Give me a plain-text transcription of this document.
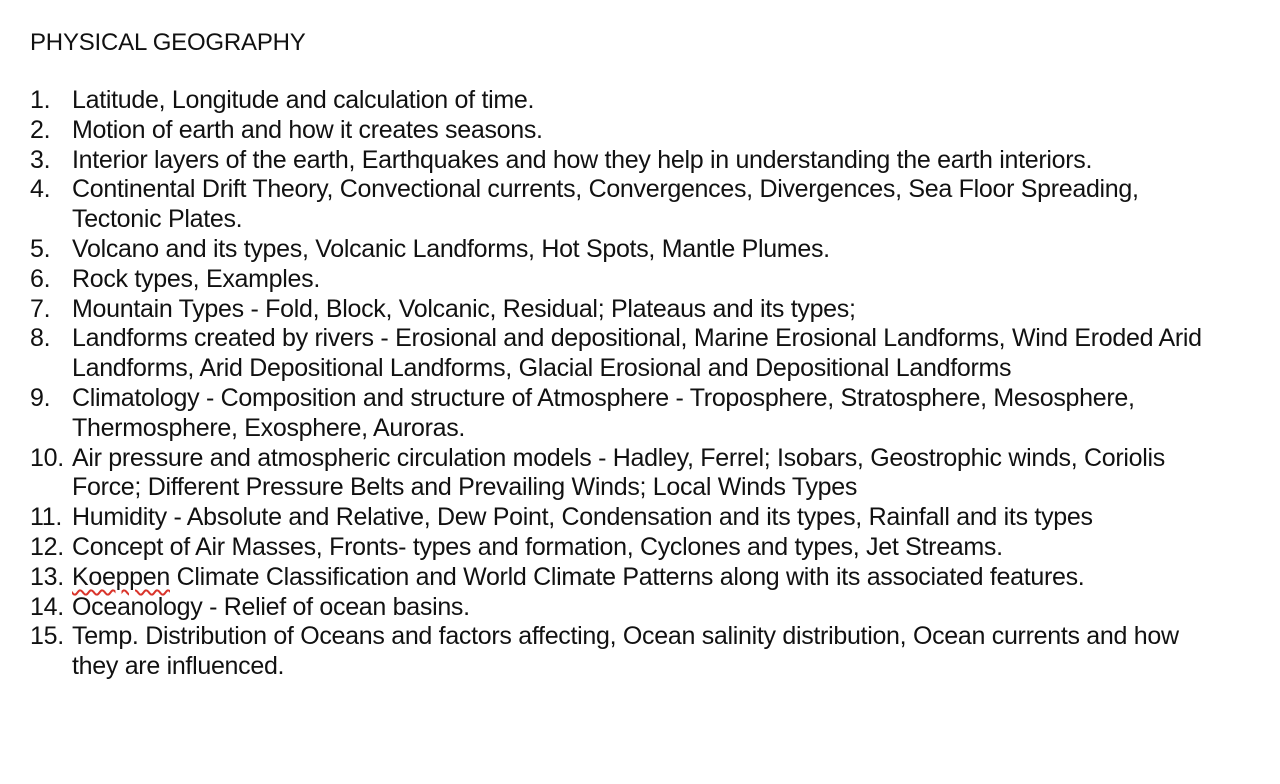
PHYSICAL GEOGRAPHY
1. Latitude, Longitude and calculation of time.
2. Motion of earth and how it creates seasons.
3. Interior layers of the earth, Earthquakes and how they help in understanding the earth interiors.
4. Continental Drift Theory, Convectional currents, Convergences, Divergences, Sea Floor Spreading, Tectonic Plates.
5. Volcano and its types, Volcanic Landforms, Hot Spots, Mantle Plumes.
6. Rock types, Examples.
7. Mountain Types - Fold, Block, Volcanic, Residual; Plateaus and its types;
8. Landforms created by rivers - Erosional and depositional, Marine Erosional Landforms, Wind Eroded Arid Landforms, Arid Depositional Landforms, Glacial Erosional and Depositional Landforms
9. Climatology - Composition and structure of Atmosphere - Troposphere, Stratosphere, Mesosphere, Thermosphere, Exosphere, Auroras.
10. Air pressure and atmospheric circulation models - Hadley, Ferrel; Isobars, Geostrophic winds, Coriolis Force; Different Pressure Belts and Prevailing Winds; Local Winds Types
11. Humidity - Absolute and Relative, Dew Point, Condensation and its types, Rainfall and its types
12. Concept of Air Masses, Fronts- types and formation, Cyclones and types, Jet Streams.
13. Koeppen Climate Classification and World Climate Patterns along with its associated features.
14. Oceanology - Relief of ocean basins.
15. Temp. Distribution of Oceans and factors affecting, Ocean salinity distribution, Ocean currents and how they are influenced.
